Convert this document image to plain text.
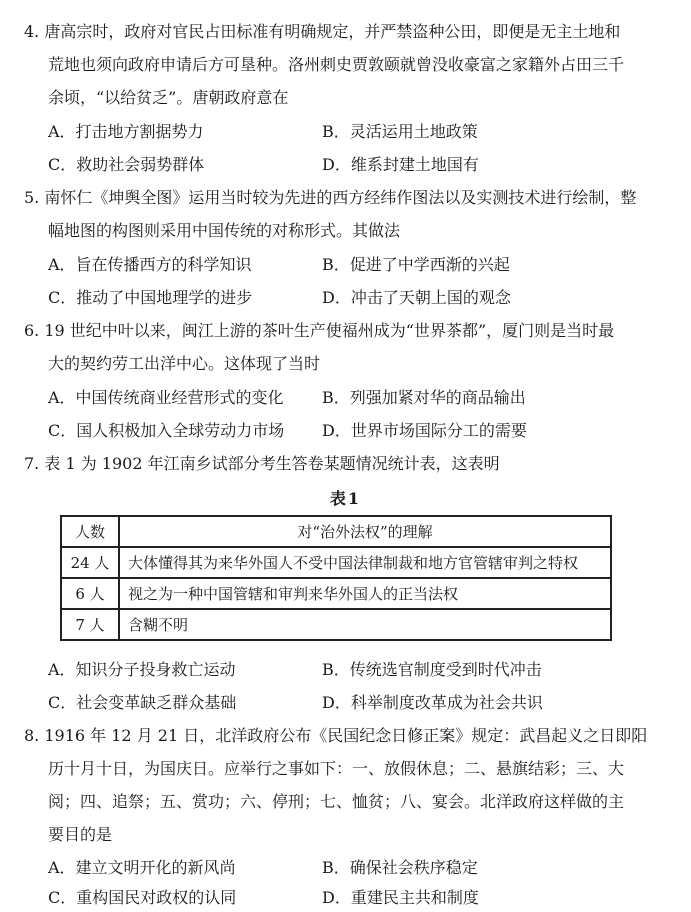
4. 唐高宗时，政府对官民占田标准有明确规定，并严禁盗种公田，即便是无主土地和
荒地也须向政府申请后方可垦种。洛州刺史贾敦颐就曾没收豪富之家籍外占田三千
余顷，“以给贫乏”。唐朝政府意在
A．打击地方割据势力	B．灵活运用土地政策
C．救助社会弱势群体	D．维系封建土地国有
5. 南怀仁《坤舆全图》运用当时较为先进的西方经纬作图法以及实测技术进行绘制，整
幅地图的构图则采用中国传统的对称形式。其做法
A．旨在传播西方的科学知识	B．促进了中学西渐的兴起
C．推动了中国地理学的进步	D．冲击了天朝上国的观念
6. 19 世纪中叶以来，闽江上游的茶叶生产使福州成为“世界茶都”，厦门则是当时最
大的契约劳工出洋中心。这体现了当时
A．中国传统商业经营形式的变化 B．列强加紧对华的商品输出
C．国人积极加入全球劳动力市场 D．世界市场国际分工的需要
7. 表 1 为 1902 年江南乡试部分考生答卷某题情况统计表，这表明
表1
人数	对“治外法权”的理解
24 人	大体懂得其为来华外国人不受中国法律制裁和地方官管辖审判之特权
6 人	视之为一种中国管辖和审判来华外国人的正当法权
7 人	含糊不明
A．知识分子投身救亡运动	B．传统选官制度受到时代冲击
C．社会变革缺乏群众基础	D．科举制度改革成为社会共识
8. 1916 年 12 月 21 日，北洋政府公布《民国纪念日修正案》规定：武昌起义之日即阳
历十月十日，为国庆日。应举行之事如下：一、放假休息；二、悬旗结彩；三、大
阅；四、追祭；五、赏功；六、停刑；七、恤贫；八、宴会。北洋政府这样做的主
要目的是
A．建立文明开化的新风尚	B．确保社会秩序稳定
C．重构国民对政权的认同	D．重建民主共和制度
